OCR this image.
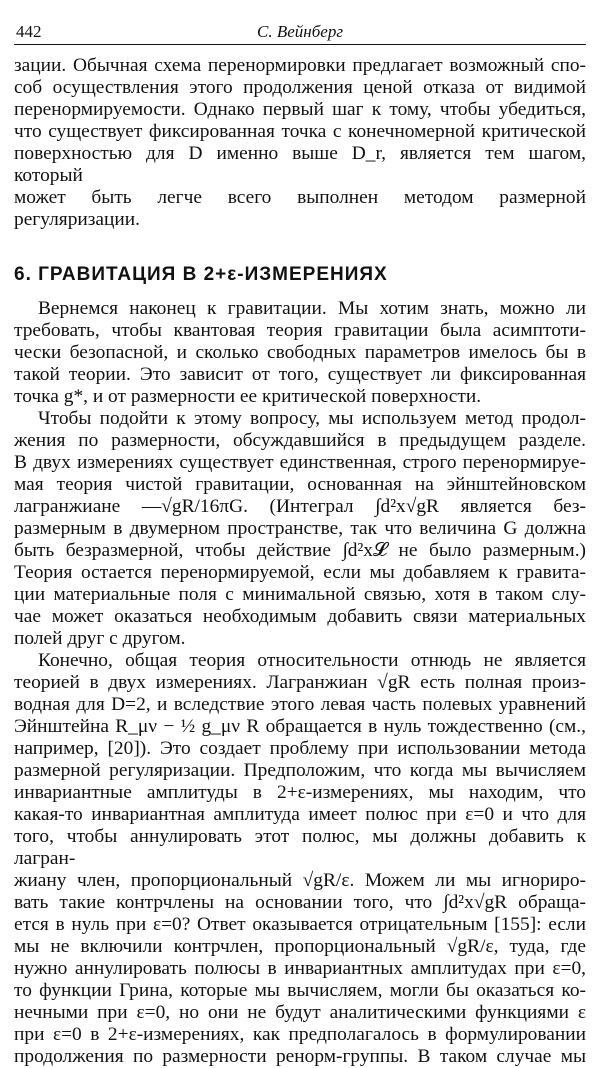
442	С. Вейнберг

зации. Обычная схема перенормировки предлагает возможный спо-

соб осуществления этого продолжения ценой отказа от видимой

перенормируемости. Однако первый шаг к тому, чтобы убедиться,

что существует фиксированная точка с конечномерной критической

поверхностью для D именно выше D_r, является тем шагом, который

может быть легче всего выполнен методом размерной регуляризации.

6. ГРАВИТАЦИЯ В 2+ε-ИЗМЕРЕНИЯХ

Вернемся наконец к гравитации. Мы хотим знать, можно ли

требовать, чтобы квантовая теория гравитации была асимптоти-

чески безопасной, и сколько свободных параметров имелось бы в

такой теории. Это зависит от того, существует ли фиксированная

точка g*, и от размерности ее критической поверхности.

Чтобы подойти к этому вопросу, мы используем метод продол-

жения по размерности, обсуждавшийся в предыдущем разделе.

В двух измерениях существует единственная, строго перенормируе-

мая теория чистой гравитации, основанная на эйнштейновском

лагранжиане —√gR/16πG. (Интеграл ∫d²x√gR является без-

размерным в двумерном пространстве, так что величина G должна

быть безразмерной, чтобы действие ∫d²x𝓛 не было размерным.)

Теория остается перенормируемой, если мы добавляем к гравита-

ции материальные поля с минимальной связью, хотя в таком слу-

чае может оказаться необходимым добавить связи материальных

полей друг с другом.

Конечно, общая теория относительности отнюдь не является

теорией в двух измерениях. Лагранжиан √gR есть полная произ-

водная для D=2, и вследствие этого левая часть полевых уравнений

Эйнштейна R_μν − ½ g_μν R обращается в нуль тождественно (см.,

например, [20]). Это создает проблему при использовании метода

размерной регуляризации. Предположим, что когда мы вычисляем

инвариантные амплитуды в 2+ε-измерениях, мы находим, что

какая-то инвариантная амплитуда имеет полюс при ε=0 и что для

того, чтобы аннулировать этот полюс, мы должны добавить к лагран-

жиану член, пропорциональный √gR/ε. Можем ли мы игнориро-

вать такие контрчлены на основании того, что ∫d²x√gR обраща-

ется в нуль при ε=0? Ответ оказывается отрицательным [155]: если

мы не включили контрчлен, пропорциональный √gR/ε, туда, где

нужно аннулировать полюсы в инвариантных амплитудах при ε=0,

то функции Грина, которые мы вычисляем, могли бы оказаться ко-

нечными при ε=0, но они не будут аналитическими функциями ε

при ε=0 в 2+ε-измерениях, как предполагалось в формулировании

продолжения по размерности ренорм-группы. В таком случае мы
